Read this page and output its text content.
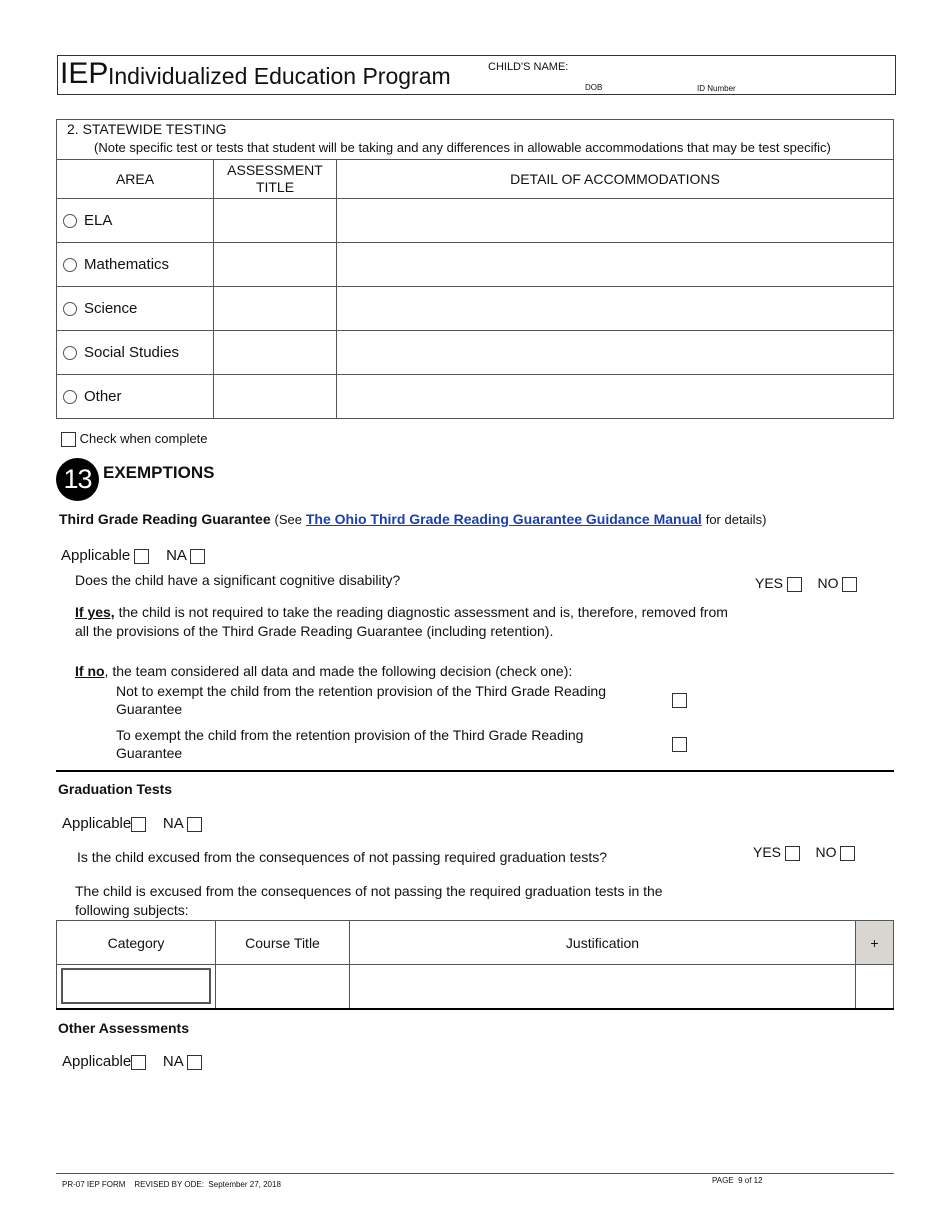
IEP Individualized Education Program	CHILD'S NAME:
DOB	ID Number
2. STATEWIDE TESTING
(Note specific test or tests that student will be taking and any differences in allowable accommodations that may be test specific)		

AREA	ASSESSMENT TITLE	DETAIL OF ACCOMMODATIONS
ELA		
Mathematics		
Science		
Social Studies		
Other		
Check when complete
13 EXEMPTIONS
Third Grade Reading Guarantee (See The Ohio Third Grade Reading Guarantee Guidance Manual for details)
Applicable NA
Does the child have a significant cognitive disability?	YES NO
If yes, the child is not required to take the reading diagnostic assessment and is, therefore, removed from all the provisions of the Third Grade Reading Guarantee (including retention).
If no, the team considered all data and made the following decision (check one):
Not to exempt the child from the retention provision of the Third Grade Reading Guarantee
To exempt the child from the retention provision of the Third Grade Reading Guarantee
Graduation Tests
Applicable NA
Is the child excused from the consequences of not passing required graduation tests?	YES NO
The child is excused from the consequences of not passing the required graduation tests in the following subjects:
Category	Course Title	Justification	+

Other Assessments
Applicable NA
PR-07 IEP FORM    REVISED BY ODE:  September 27, 2018	PAGE  9 of 12
